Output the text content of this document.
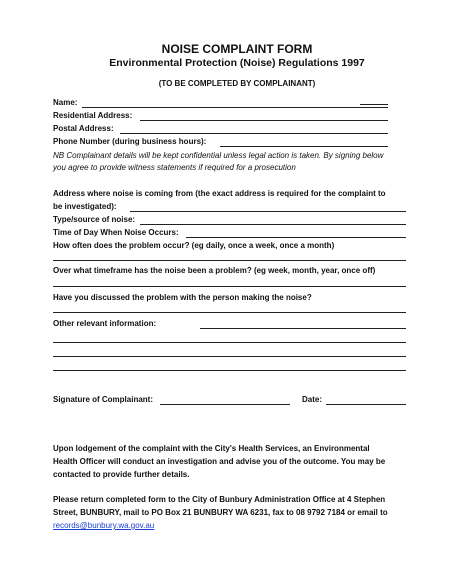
NOISE COMPLAINT FORM
Environmental Protection (Noise) Regulations 1997
(TO BE COMPLETED BY COMPLAINANT)
Name:
Residential Address:
Postal Address:
Phone Number (during business hours):
NB Complainant details will be kept confidential unless legal action is taken. By signing below
you agree to provide witness statements if required for a prosecution
Address where noise is coming from (the exact address is required for the complaint to
be investigated):
Type/source of noise:
Time of Day When Noise Occurs:
How often does the problem occur? (eg daily, once a week, once a month)
Over what timeframe has the noise been a problem? (eg week, month, year, once off)
Have you discussed the problem with the person making the noise?
Other relevant information:
Signature of Complainant:	Date:
Upon lodgement of the complaint with the City's Health Services, an Environmental
Health Officer will conduct an investigation and advise you of the outcome. You may be
contacted to provide further details.
Please return completed form to the City of Bunbury Administration Office at 4 Stephen
Street, BUNBURY, mail to PO Box 21 BUNBURY WA 6231, fax to 08 9792 7184 or email to
records@bunbury.wa.gov.au
